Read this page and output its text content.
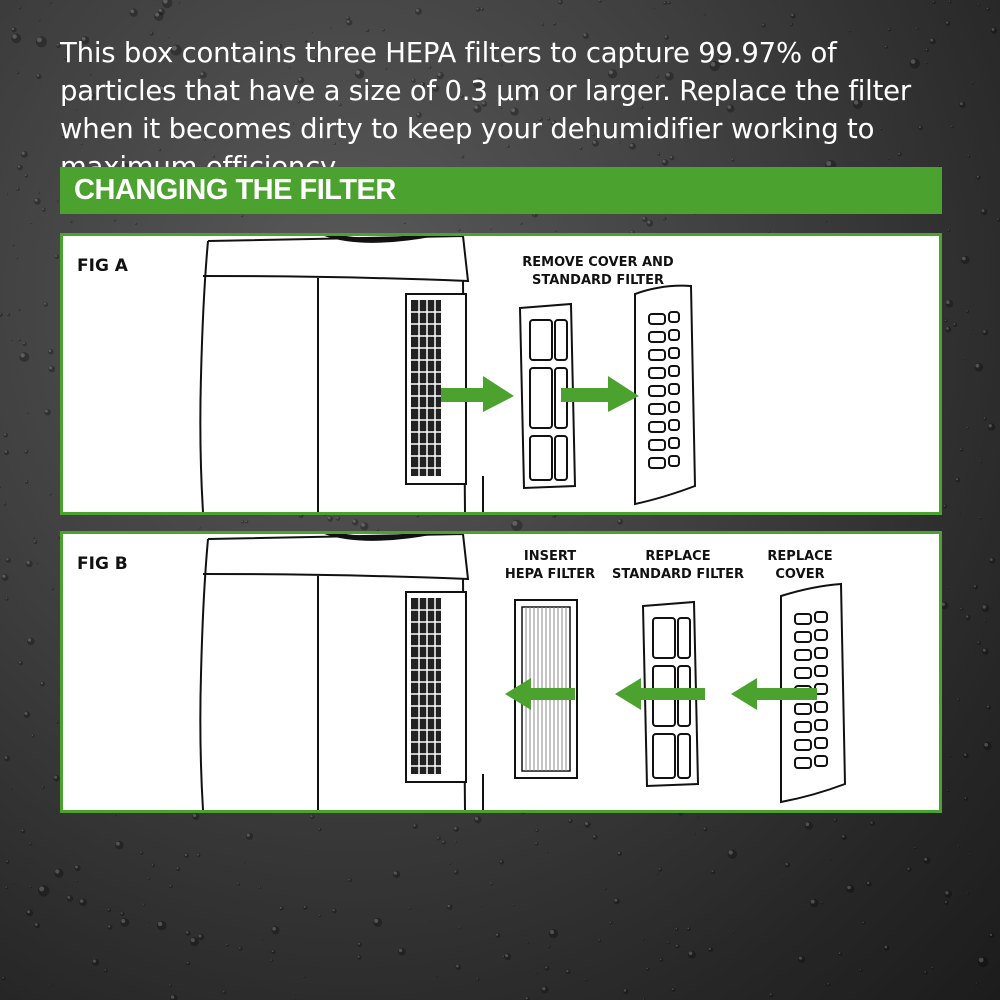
This box contains three HEPA filters to capture 99.97% of particles that have a size of 0.3 µm or larger. Replace the filter when it becomes dirty to keep your dehumidifier working to

CHANGING THE FILTER
FIG A	REMOVE COVER AND
STANDARD FILTER
FIG B	INSERT
HEPA FILTER
REPLACE
STANDARD FILTER
REPLACE
COVER
